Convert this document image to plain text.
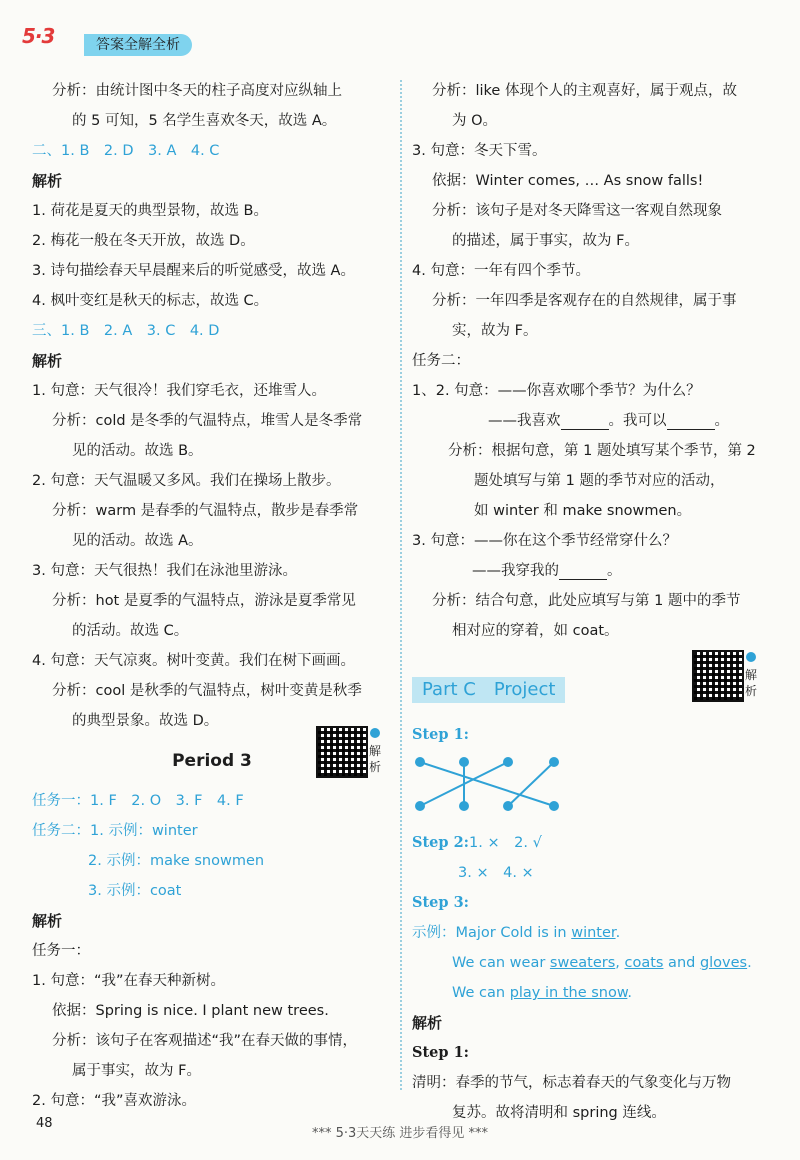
5·3	答案全解全析
分析：由统计图中冬天的柱子高度对应纵轴上
的 5 可知，5 名学生喜欢冬天，故选 A。
二、1. B　2. D　3. A　4. C
解析
1. 荷花是夏天的典型景物，故选 B。
2. 梅花一般在冬天开放，故选 D。
3. 诗句描绘春天早晨醒来后的听觉感受，故选 A。
4. 枫叶变红是秋天的标志，故选 C。
三、1. B　2. A　3. C　4. D
解析
1. 句意：天气很冷！我们穿毛衣，还堆雪人。
分析：cold 是冬季的气温特点，堆雪人是冬季常
见的活动。故选 B。
2. 句意：天气温暖又多风。我们在操场上散步。
分析：warm 是春季的气温特点，散步是春季常
见的活动。故选 A。
3. 句意：天气很热！我们在泳池里游泳。
分析：hot 是夏季的气温特点，游泳是夏季常见
的活动。故选 C。
4. 句意：天气凉爽。树叶变黄。我们在树下画画。
分析：cool 是秋季的气温特点，树叶变黄是秋季
的典型景象。故选 D。
Period 3
任务一：1. F　2. O　3. F　4. F
任务二：1. 示例：winter
2. 示例：make snowmen
3. 示例：coat
解析
任务一：
1. 句意：“我”在春天种新树。
依据：Spring is nice. I plant new trees.
分析：该句子在客观描述“我”在春天做的事情，
属于事实，故为 F。
2. 句意：“我”喜欢游泳。
解
析
分析：like 体现个人的主观喜好，属于观点，故
为 O。
3. 句意：冬天下雪。
依据：Winter comes, … As snow falls!
分析：该句子是对冬天降雪这一客观自然现象
的描述，属于事实，故为 F。
4. 句意：一年有四个季节。
分析：一年四季是客观存在的自然规律，属于事
实，故为 F。
任务二：
1、2. 句意：——你喜欢哪个季节？为什么？
——我喜欢	。我可以	。
分析：根据句意，第 1 题处填写某个季节，第 2
题处填写与第 1 题的季节对应的活动，
如 winter 和 make snowmen。
3. 句意：——你在这个季节经常穿什么？
——我穿我的	。
分析：结合句意，此处应填写与第 1 题中的季节
相对应的穿着，如 coat。
Part C　Project
Step 1:
Step 2:1. ×　2. √
3. ×　4. ×
Step 3:
示例：Major Cold is in winter.
We can wear sweaters, coats and gloves.
We can play in the snow.
解析
Step 1:
清明：春季的节气，标志着春天的气象变化与万物
复苏。故将清明和 spring 连线。
解
析
48
*** 5·3天天练 进步看得见 ***
